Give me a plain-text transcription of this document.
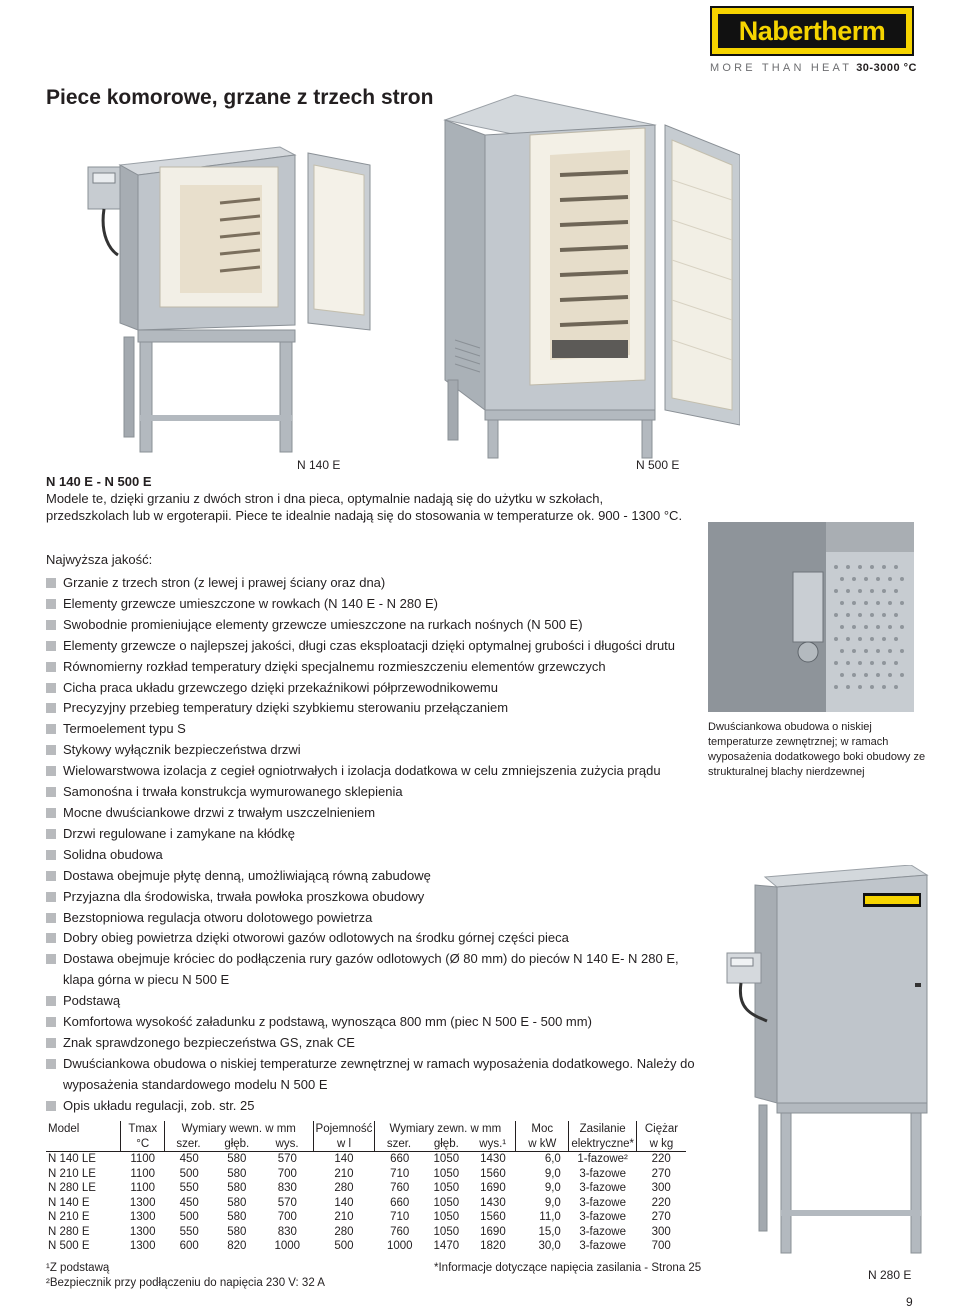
Nabertherm
MORE THAN HEAT 30-3000 °C
Piece komorowe, grzane z trzech stron
N 140 E	N 500 E
N 140 E - N 500 E
Modele te, dzięki grzaniu z dwóch stron i dna pieca, optymalnie nadają się do użytku w szkołach, przedszkolach lub w ergoterapii. Piece te idealnie nadają się do stosowania w temperaturze ok. 900 - 1300 °C.
Dwuściankowa obudowa o niskiej temperaturze zewnętrznej; w ramach wyposażenia dodatkowego boki obudowy ze strukturalnej blachy nierdzewnej
Najwyższa jakość:
Grzanie z trzech stron (z lewej i prawej ściany oraz dna)
Elementy grzewcze umieszczone w rowkach (N 140 E - N 280 E)
Swobodnie promieniujące elementy grzewcze umieszczone na rurkach nośnych (N 500 E)
Elementy grzewcze o najlepszej jakości, długi czas eksploatacji dzięki optymalnej grubości i długości drutu
Równomierny rozkład temperatury dzięki specjalnemu rozmieszczeniu elementów grzewczych
Cicha praca układu grzewczego dzięki przekaźnikowi półprzewodnikowemu
Precyzyjny przebieg temperatury dzięki szybkiemu sterowaniu przełączaniem
Termoelement typu S
Stykowy wyłącznik bezpieczeństwa drzwi
Wielowarstwowa izolacja z cegieł ogniotrwałych i izolacja dodatkowa w celu zmniejszenia zużycia prądu
Samonośna i trwała konstrukcja wymurowanego sklepienia
Mocne dwuściankowe drzwi z trwałym uszczelnieniem
Drzwi regulowane i zamykane na kłódkę
Solidna obudowa
Dostawa obejmuje płytę denną, umożliwiającą równą zabudowę
Przyjazna dla środowiska, trwała powłoka proszkowa obudowy
Bezstopniowa regulacja otworu dolotowego powietrza
Dobry obieg powietrza dzięki otworowi gazów odlotowych na środku górnej części pieca
Dostawa obejmuje króciec do podłączenia rury gazów odlotowych (Ø 80 mm) do pieców N 140 E- N 280 E, klapa górna w piecu N 500 E
Podstawą
Komfortowa wysokość załadunku z podstawą, wynosząca 800 mm (piec N 500 E - 500 mm)
Znak sprawdzonego bezpieczeństwa GS, znak CE
Dwuściankowa obudowa o niskiej temperaturze zewnętrznej w ramach wyposażenia dodatkowego. Należy do wyposażenia standardowego modelu N 500 E
Opis układu regulacji, zob. str. 25
N 280 E
Model	Tmax	Wymiary wewn. w mm			Pojemność	Wymiary zewn. w mm			Moc	Zasilanie	Ciężar
	°C	szer.	głęb.	wys.	w l	szer.	głęb.	wys.¹	w kW	elektryczne*	w kg
N 140 LE	1100	450	580	570	140	660	1050	1430	6,0	1-fazowe²	220
N 210 LE	1100	500	580	700	210	710	1050	1560	9,0	3-fazowe	270
N 280 LE	1100	550	580	830	280	760	1050	1690	9,0	3-fazowe	300
N 140 E	1300	450	580	570	140	660	1050	1430	9,0	3-fazowe	220
N 210 E	1300	500	580	700	210	710	1050	1560	11,0	3-fazowe	270
N 280 E	1300	550	580	830	280	760	1050	1690	15,0	3-fazowe	300
N 500 E	1300	600	820	1000	500	1000	1470	1820	30,0	3-fazowe	700
¹Z podstawą
²Bezpiecznik przy podłączeniu do napięcia 230 V: 32 A
*Informacje dotyczące napięcia zasilania - Strona 25
9
